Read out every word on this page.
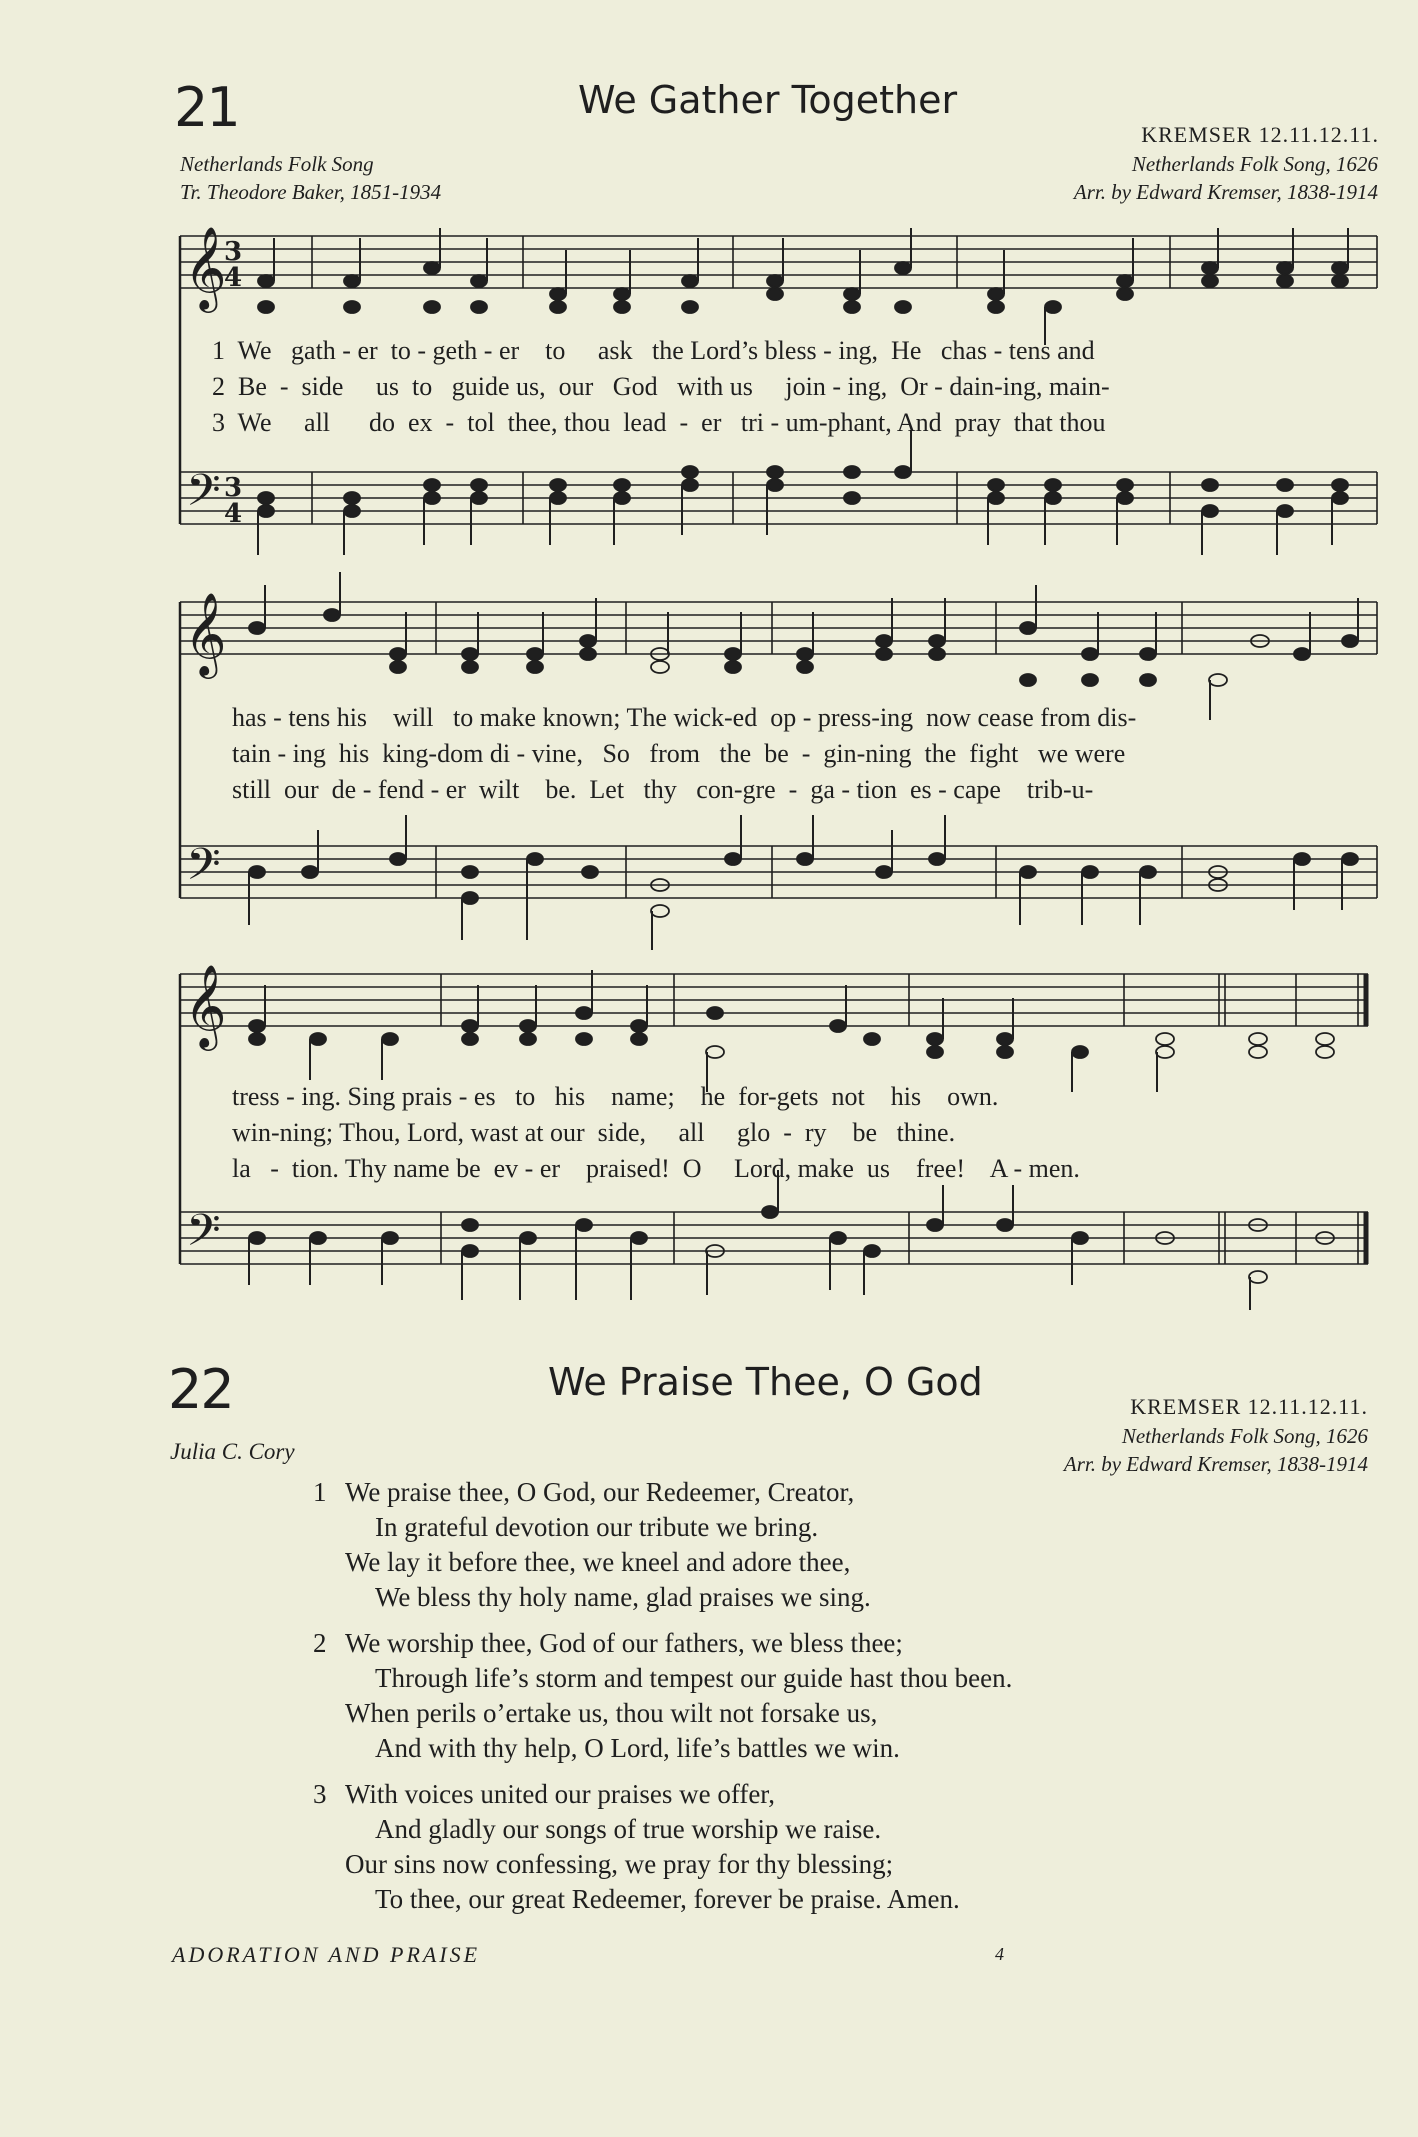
21	We Gather Together
KREMSER 12.11.12.11.
Netherlands Folk Song
Tr. Theodore Baker, 1851-1934
Netherlands Folk Song, 1626
Arr. by Edward Kremser, 1838-1914
𝄞
3
4
𝄢 3
4
𝄞
𝄢
𝄞
𝄢
1  We   gath - er  to - geth - er    to     ask   the Lord’s bless - ing,  He   chas - tens and
2  Be  -  side     us  to   guide us,  our   God   with us     join - ing,  Or - dain-ing, main-
3  We     all      do  ex  -  tol  thee, thou  lead  -  er   tri - um-phant, And  pray  that thou
has - tens his    will   to make known; The wick-ed  op - press-ing  now cease from dis-
tain - ing  his  king-dom di - vine,   So   from   the  be  -  gin-ning  the  fight   we were
still  our  de - fend - er  wilt    be.  Let   thy   con-gre  -  ga - tion  es - cape    trib-u-
tress - ing. Sing prais - es   to   his    name;    he  for-gets  not    his    own.
win-ning; Thou, Lord, wast at our  side,     all     glo  -  ry    be   thine.
la   -  tion. Thy name be  ev - er    praised!  O     Lord, make  us    free!    A - men.
22	We Praise Thee, O God
KREMSER 12.11.12.11.
Julia C. Cory
Netherlands Folk Song, 1626
Arr. by Edward Kremser, 1838-1914
1 We praise thee, O God, our Redeemer, Creator,
In grateful devotion our tribute we bring.
We lay it before thee, we kneel and adore thee,
We bless thy holy name, glad praises we sing.
2 We worship thee, God of our fathers, we bless thee;
Through life’s storm and tempest our guide hast thou been.
When perils o’ertake us, thou wilt not forsake us,
And with thy help, O Lord, life’s battles we win.
3 With voices united our praises we offer,
And gladly our songs of true worship we raise.
Our sins now confessing, we pray for thy blessing;
To thee, our great Redeemer, forever be praise. Amen.
ADORATION AND PRAISE	4
